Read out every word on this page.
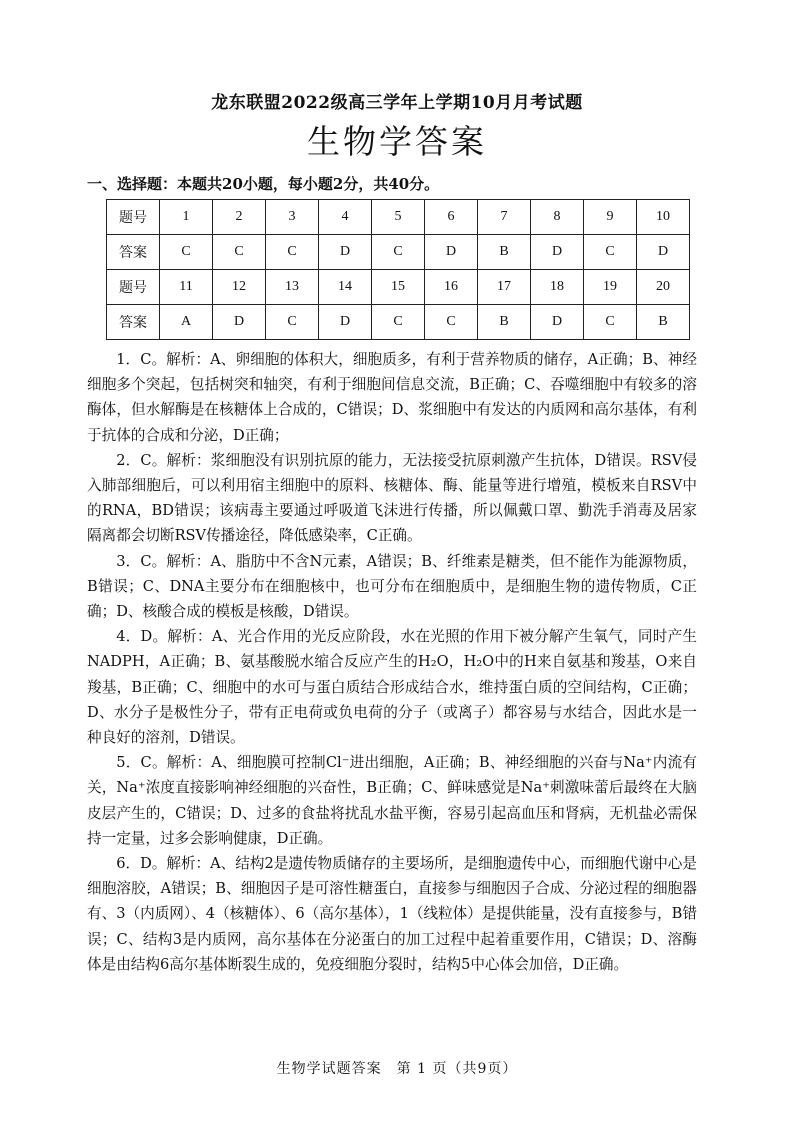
龙东联盟2022级高三学年上学期10月月考试题
生物学答案
一、选择题：本题共20小题，每小题2分，共40分。
题号	1	2	3	4	5	6	7	8	9	10
答案	C	C	C	D	C	D	B	D	C	D
题号	11	12	13	14	15	16	17	18	19	20
答案	A	D	C	D	C	C	B	D	C	B

1．C。解析：A、卵细胞的体积大，细胞质多，有利于营养物质的储存，A正确；B、神经细胞多个突起，包括树突和轴突，有利于细胞间信息交流，B正确；C、吞噬细胞中有较多的溶酶体，但水解酶是在核糖体上合成的，C错误；D、浆细胞中有发达的内质网和高尔基体，有利于抗体的合成和分泌，D正确；

2．C。解析：浆细胞没有识别抗原的能力，无法接受抗原刺激产生抗体，D错误。RSV侵入肺部细胞后，可以利用宿主细胞中的原料、核糖体、酶、能量等进行增殖，模板来自RSV中的RNA，BD错误；该病毒主要通过呼吸道飞沫进行传播，所以佩戴口罩、勤洗手消毒及居家隔离都会切断RSV传播途径，降低感染率，C正确。

3．C。解析：A、脂肪中不含N元素，A错误；B、纤维素是糖类，但不能作为能源物质，B错误；C、DNA主要分布在细胞核中，也可分布在细胞质中，是细胞生物的遗传物质，C正确；D、核酸合成的模板是核酸，D错误。

4．D。解析：A、光合作用的光反应阶段，水在光照的作用下被分解产生氧气，同时产生NADPH，A正确；B、氨基酸脱水缩合反应产生的H₂O，H₂O中的H来自氨基和羧基，O来自羧基，B正确；C、细胞中的水可与蛋白质结合形成结合水，维持蛋白质的空间结构，C正确；D、水分子是极性分子，带有正电荷或负电荷的分子（或离子）都容易与水结合，因此水是一种良好的溶剂，D错误。

5．C。解析：A、细胞膜可控制Cl⁻进出细胞，A正确；B、神经细胞的兴奋与Na⁺内流有关，Na⁺浓度直接影响神经细胞的兴奋性，B正确；C、鲜味感觉是Na⁺刺激味蕾后最终在大脑皮层产生的，C错误；D、过多的食盐将扰乱水盐平衡，容易引起高血压和肾病，无机盐必需保持一定量，过多会影响健康，D正确。

6．D。解析：A、结构2是遗传物质储存的主要场所，是细胞遗传中心，而细胞代谢中心是细胞溶胶，A错误；B、细胞因子是可溶性糖蛋白，直接参与细胞因子合成、分泌过程的细胞器有、3（内质网）、4（核糖体）、6（高尔基体），1（线粒体）是提供能量，没有直接参与，B错误；C、结构3是内质网，高尔基体在分泌蛋白的加工过程中起着重要作用，C错误；D、溶酶体是由结构6高尔基体断裂生成的，免疫细胞分裂时，结构5中心体会加倍，D正确。

生物学试题答案　第 1 页（共9页）
